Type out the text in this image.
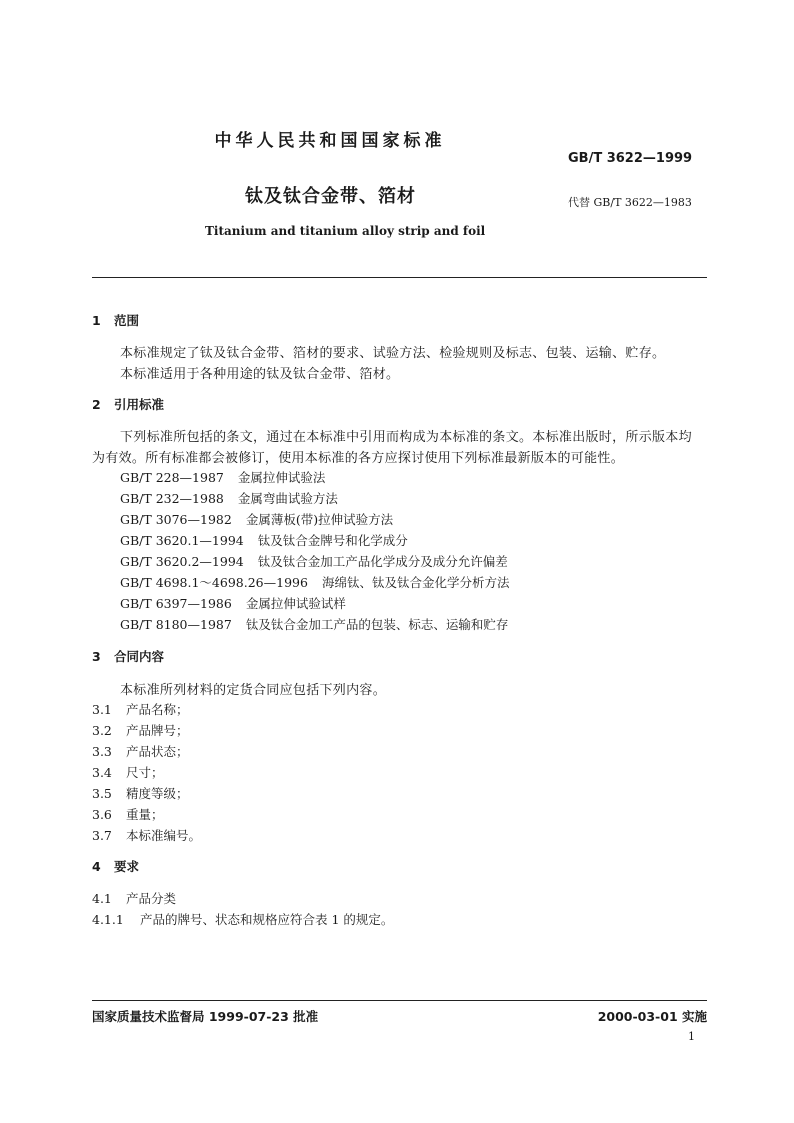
中华人民共和国国家标准
GB/T 3622—1999
钛及钛合金带、箔材	代替 GB/T 3622—1983
Titanium and titanium alloy strip and foil
1 范围
本标准规定了钛及钛合金带、箔材的要求、试验方法、检验规则及标志、包装、运输、贮存。
本标准适用于各种用途的钛及钛合金带、箔材。
2 引用标准
下列标准所包括的条文，通过在本标准中引用而构成为本标准的条文。本标准出版时，所示版本均
为有效。所有标准都会被修订，使用本标准的各方应探讨使用下列标准最新版本的可能性。
GB/T 228—1987 金属拉伸试验法
GB/T 232—1988 金属弯曲试验方法
GB/T 3076—1982 金属薄板(带)拉伸试验方法
GB/T 3620.1—1994 钛及钛合金牌号和化学成分
GB/T 3620.2—1994 钛及钛合金加工产品化学成分及成分允许偏差
GB/T 4698.1～4698.26—1996 海绵钛、钛及钛合金化学分析方法
GB/T 6397—1986 金属拉伸试验试样
GB/T 8180—1987 钛及钛合金加工产品的包装、标志、运输和贮存
3 合同内容
本标准所列材料的定货合同应包括下列内容。
3.1 产品名称；
3.2 产品牌号；
3.3 产品状态；
3.4 尺寸；
3.5 精度等级；
3.6 重量；
3.7 本标准编号。
4 要求
4.1 产品分类
4.1.1 产品的牌号、状态和规格应符合表 1 的规定。
国家质量技术监督局 1999-07-23 批准	2000-03-01 实施
1
